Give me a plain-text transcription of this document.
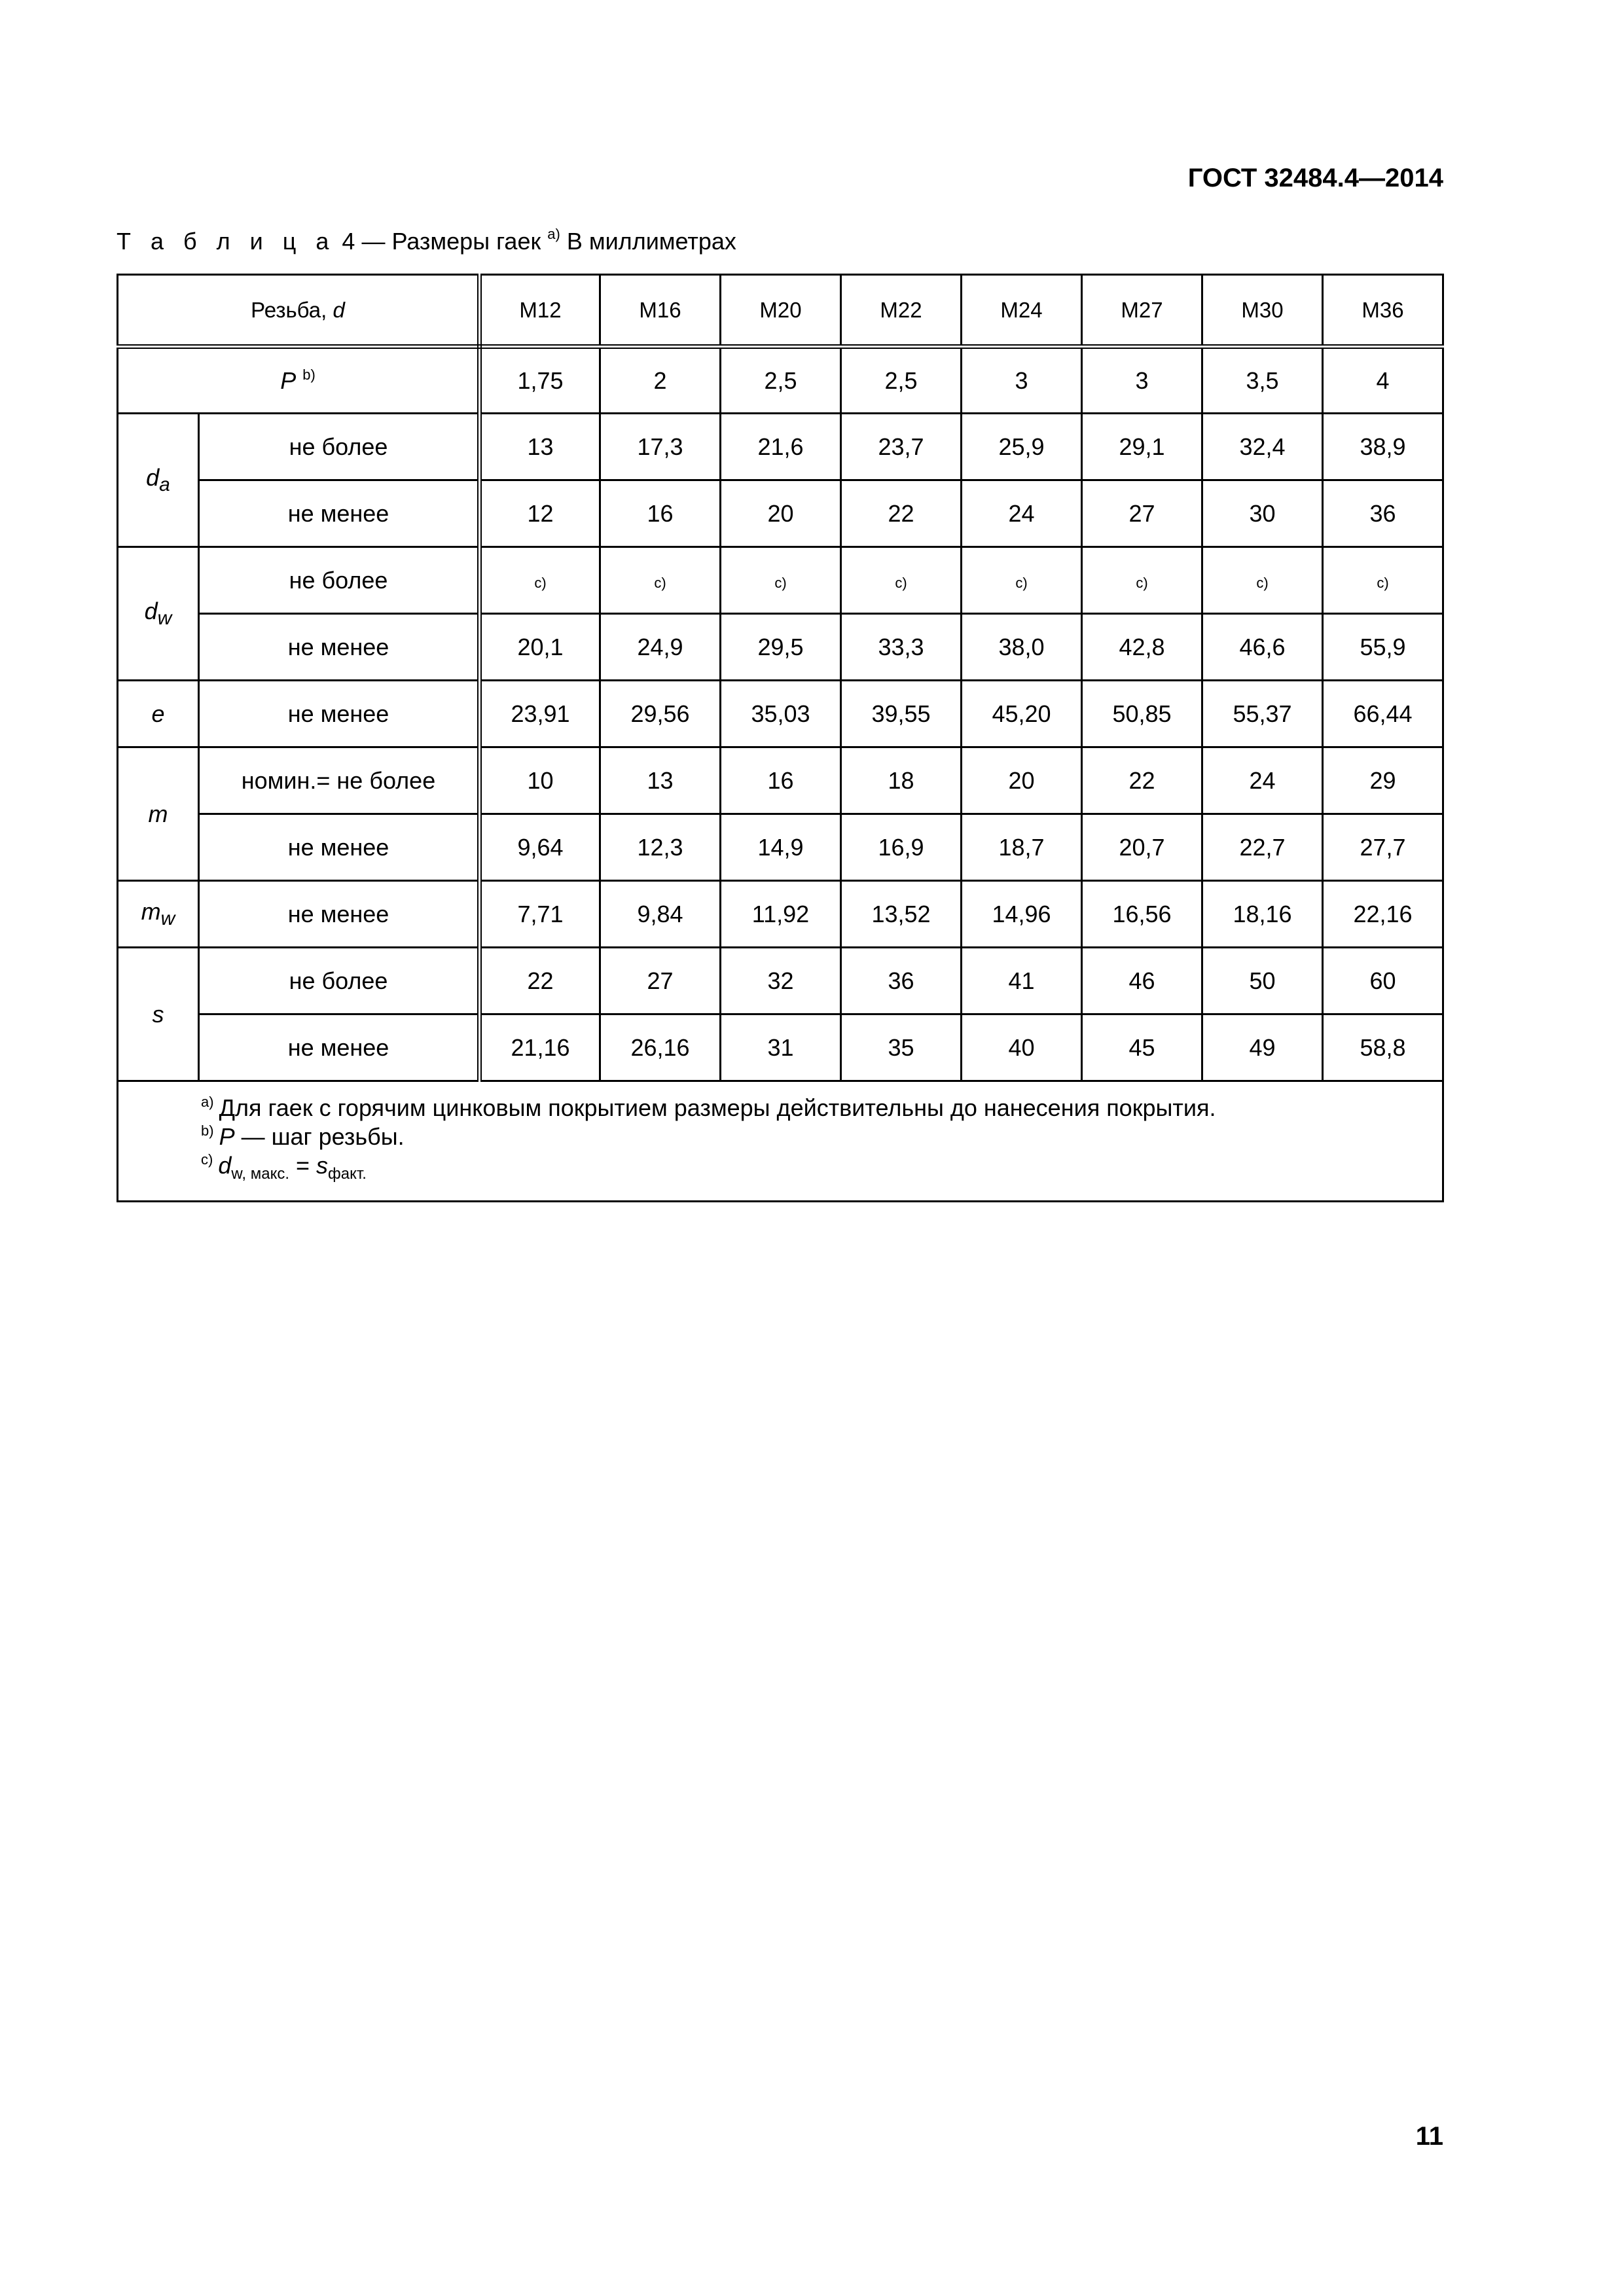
ГОСТ 32484.4—2014
Т а б л и ц а 4 — Размеры гаек $^{a)}$ В миллиметрах
Резьба, d		M12	M16	M20	M22	M24	M27	M30	M36
P $^{b)}$		1,75	2	2,5	2,5	3	3	3,5	4
$d_a$	не более	13	17,3	21,6	23,7	25,9	29,1	32,4	38,9
	не менее	12	16	20	22	24	27	30	36
$d_w$	не более	c)	c)	c)	c)	c)	c)	c)	c)
	не менее	20,1	24,9	29,5	33,3	38,0	42,8	46,6	55,9
e	не менее	23,91	29,56	35,03	39,55	45,20	50,85	55,37	66,44
m	номин.= не более	10	13	16	18	20	22	24	29
	не менее	9,64	12,3	14,9	16,9	18,7	20,7	22,7	27,7
$m_w$	не менее	7,71	9,84	11,92	13,52	14,96	16,56	18,16	22,16
s	не более	22	27	32	36	41	46	50	60
	не менее	21,16	26,16	31	35	40	45	49	58,8

$^{a)}$ Для гаек с горячим цинковым покрытием размеры действительны до нанесения покрытия.
$^{b)}$ P — шаг резьбы.
$^{c)}$ $d_{w,}$ $_{макс.} = s_{факт.}$
11
